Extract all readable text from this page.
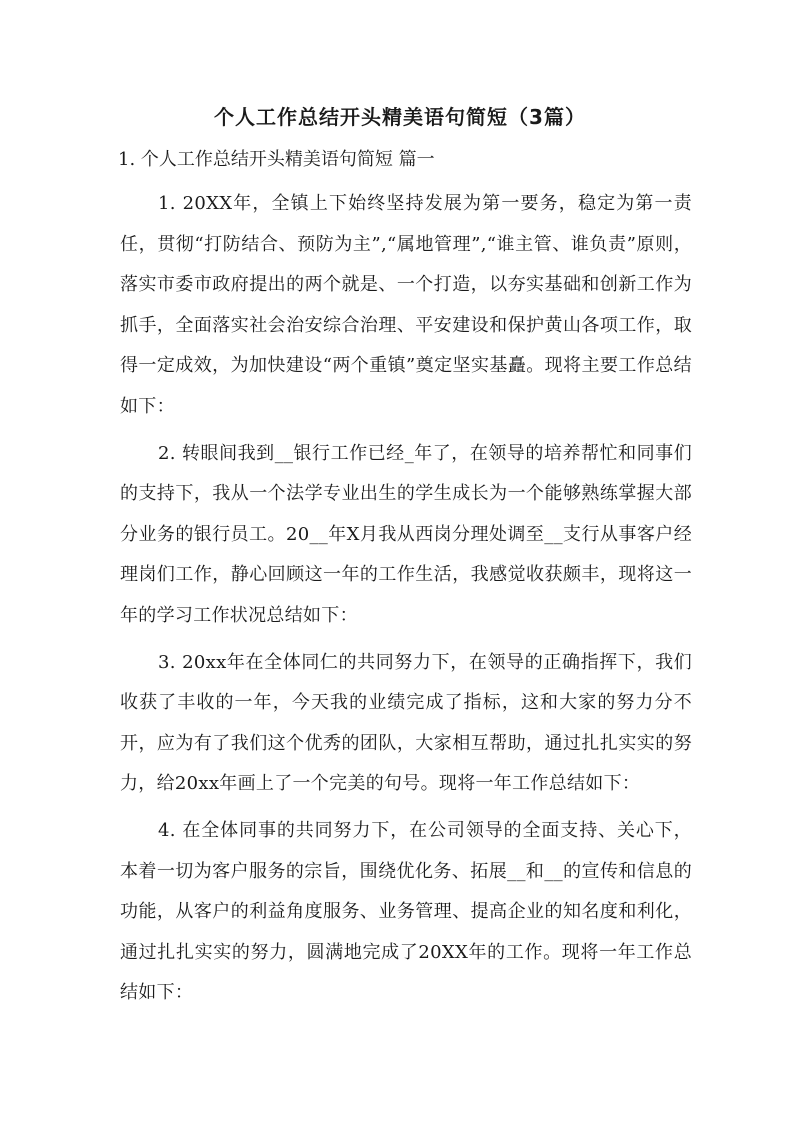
个人工作总结开头精美语句简短（3篇）
1. 个人工作总结开头精美语句简短 篇一

1. 20XX年，全镇上下始终坚持发展为第一要务，稳定为第一责任，贯彻“打防结合、预防为主”,“属地管理”,“谁主管、谁负责”原则，落实市委市政府提出的两个就是、一个打造，以夯实基础和创新工作为抓手，全面落实社会治安综合治理、平安建设和保护黄山各项工作，取得一定成效，为加快建设“两个重镇”奠定坚实基矗。现将主要工作总结如下：

2. 转眼间我到__银行工作已经_年了，在领导的培养帮忙和同事们的支持下，我从一个法学专业出生的学生成长为一个能够熟练掌握大部分业务的银行员工。20__年X月我从西岗分理处调至__支行从事客户经理岗们工作，静心回顾这一年的工作生活，我感觉收获颇丰，现将这一年的学习工作状况总结如下：

3. 20xx年在全体同仁的共同努力下，在领导的正确指挥下，我们收获了丰收的一年，今天我的业绩完成了指标，这和大家的努力分不开，应为有了我们这个优秀的团队，大家相互帮助，通过扎扎实实的努力，给20xx年画上了一个完美的句号。现将一年工作总结如下：

4. 在全体同事的共同努力下，在公司领导的全面支持、关心下，本着一切为客户服务的宗旨，围绕优化务、拓展__和__的宣传和信息的功能，从客户的利益角度服务、业务管理、提高企业的知名度和利化，通过扎扎实实的努力，圆满地完成了20XX年的工作。现将一年工作总结如下：
